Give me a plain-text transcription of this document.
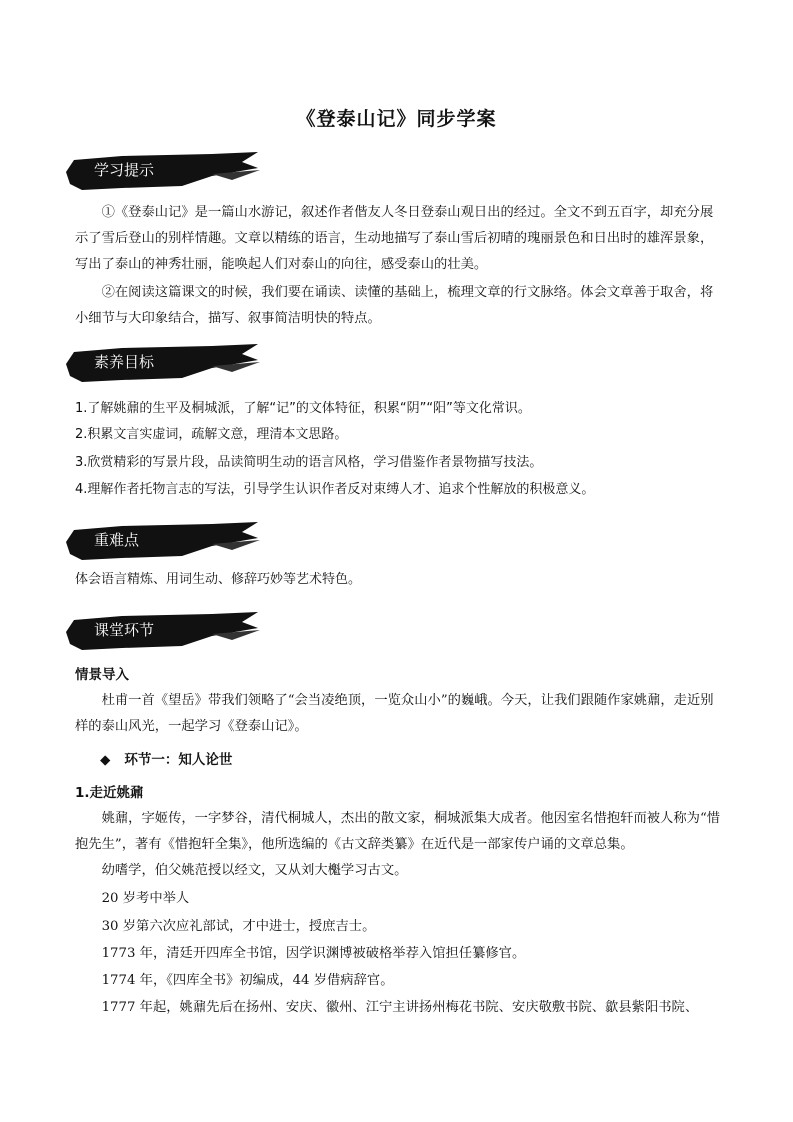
《登泰山记》同步学案
学习提示
①《登泰山记》是一篇山水游记，叙述作者偕友人冬日登泰山观日出的经过。全文不到五百字，却充分展示了雪后登山的别样情趣。文章以精练的语言，生动地描写了泰山雪后初晴的瑰丽景色和日出时的雄浑景象，写出了泰山的神秀壮丽，能唤起人们对泰山的向往，感受泰山的壮美。
②在阅读这篇课文的时候，我们要在诵读、读懂的基础上，梳理文章的行文脉络。体会文章善于取舍，将小细节与大印象结合，描写、叙事简洁明快的特点。
素养目标
1.了解姚鼐的生平及桐城派，了解“记”的文体特征，积累“阴”“阳”等文化常识。
2.积累文言实虚词，疏解文意，理清本文思路。
3.欣赏精彩的写景片段，品读简明生动的语言风格，学习借鉴作者景物描写技法。
4.理解作者托物言志的写法，引导学生认识作者反对束缚人才、追求个性解放的积极意义。
重难点
体会语言精炼、用词生动、修辞巧妙等艺术特色。
课堂环节
情景导入
杜甫一首《望岳》带我们领略了“会当凌绝顶，一览众山小”的巍峨。今天，让我们跟随作家姚鼐，走近别样的泰山风光，一起学习《登泰山记》。
◆ 环节一：知人论世
1.走近姚鼐
姚鼐，字姬传，一字梦谷，清代桐城人，杰出的散文家，桐城派集大成者。他因室名惜抱轩而被人称为“惜抱先生”，著有《惜抱轩全集》，他所选编的《古文辞类纂》在近代是一部家传户诵的文章总集。
幼嗜学，伯父姚范授以经文，又从刘大櫆学习古文。
20 岁考中举人
30 岁第六次应礼部试，才中进士，授庶吉士。
1773 年，清廷开四库全书馆，因学识渊博被破格举荐入馆担任纂修官。
1774 年，《四库全书》初编成，44 岁借病辞官。
1777 年起，姚鼐先后在扬州、安庆、徽州、江宁主讲扬州梅花书院、安庆敬敷书院、歙县紫阳书院、
